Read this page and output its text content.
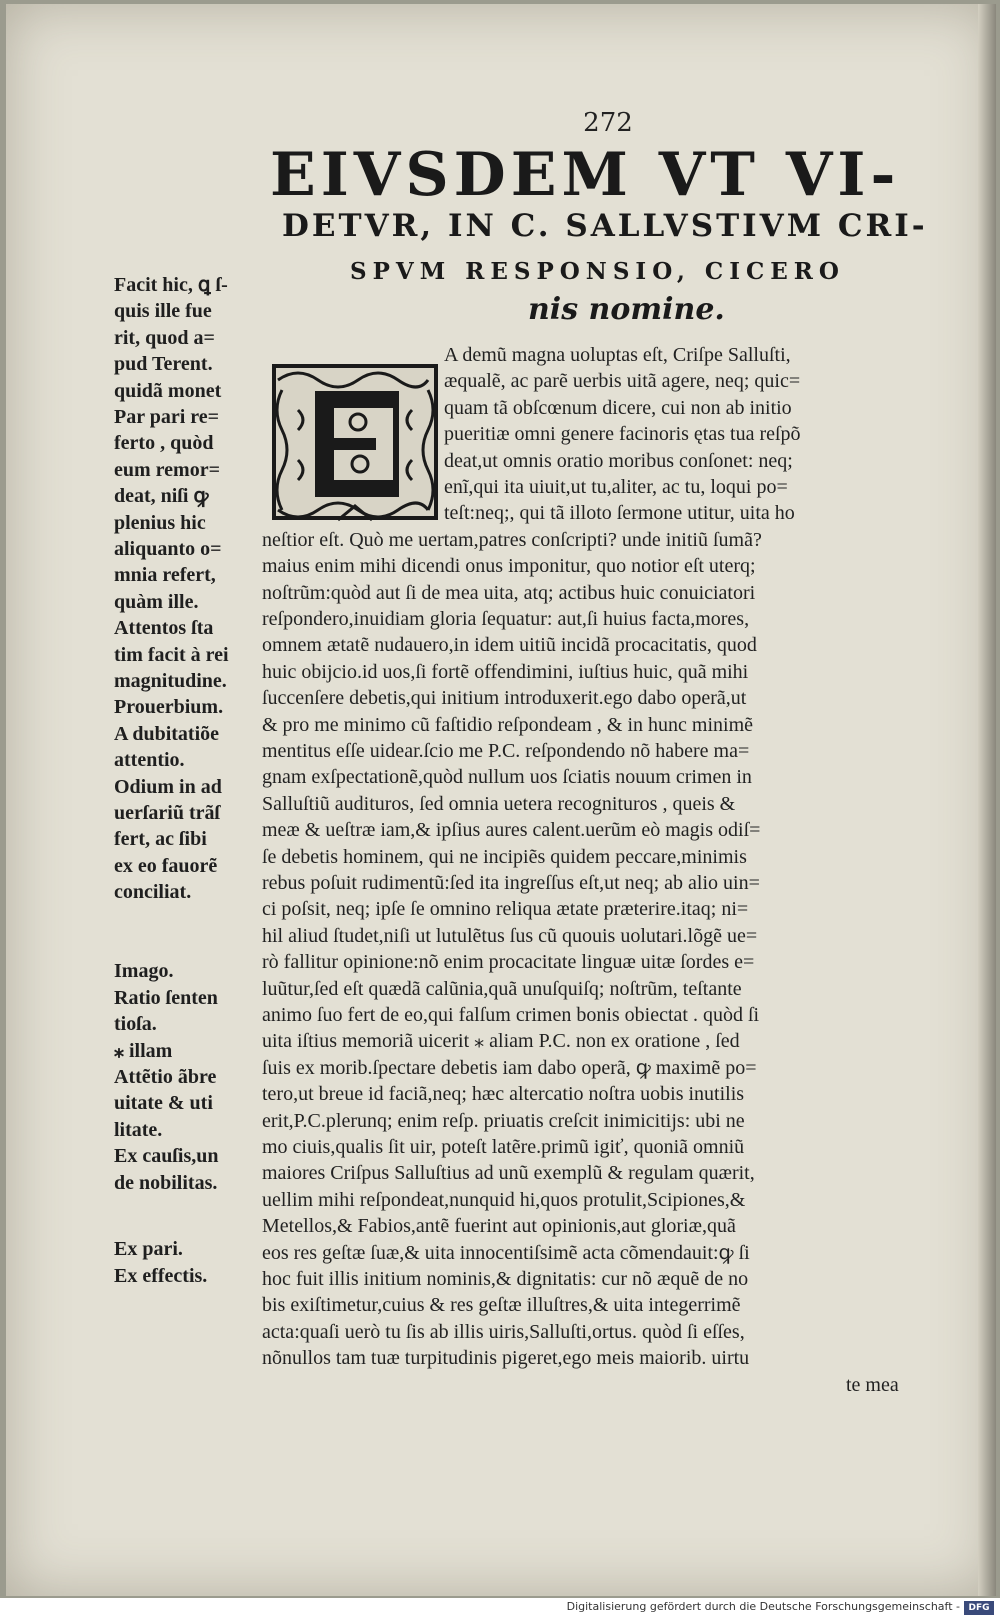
272
EIVSDEM VT VI-
DETVR, IN C. SALLVSTIVM CRI-
SPVM RESPONSIO, CICERO
nis nomine.
A demũ magna uoluptas eſt, Criſpe Salluſti,
æqualẽ, ac parẽ uerbis uitã agere, neq; quic=
quam tã obſcœnum dicere, cui non ab initio
pueritiæ omni genere facinoris ętas tua reſpõ
deat,ut omnis oratio moribus conſonet: neq;
enĩ,qui ita uiuit,ut tu,aliter, ac tu, loqui po=
teſt:neq;, qui tã illoto ſermone utitur, uita ho
neſtior eſt. Quò me uertam,patres conſcripti? unde initiũ ſumã?
maius enim mihi dicendi onus imponitur, quo notior eſt uterq;
noſtrũm:quòd aut ſi de mea uita, atq; actibus huic conuiciatori
reſpondero,inuidiam gloria ſequatur: aut,ſi huius facta,mores,
omnem ætatẽ nudauero,in idem uitiũ incidã procacitatis, quod
huic obijcio.id uos,ſi fortẽ offendimini, iuſtius huic, quã mihi
ſuccenſere debetis,qui initium introduxerit.ego dabo operã,ut
& pro me minimo cũ faſtidio reſpondeam , & in hunc minimẽ
mentitus eſſe uidear.ſcio me P.C. reſpondendo nõ habere ma=
gnam exſpectationẽ,quòd nullum uos ſciatis nouum crimen in
Salluſtiũ audituros, ſed omnia uetera recognituros , queis &
meæ & ueſtræ iam,& ipſius aures calent.uerũm eò magis odiſ=
ſe debetis hominem, qui ne incipiẽs quidem peccare,minimis
rebus poſuit rudimentũ:ſed ita ingreſſus eſt,ut neq; ab alio uin=
ci poſsit, neq; ipſe ſe omnino reliqua ætate præterire.itaq; ni=
hil aliud ſtudet,niſi ut lutulẽtus ſus cũ quouis uolutari.lõgẽ ue=
rò fallitur opinione:nõ enim procacitate linguæ uitæ ſordes e=
luũtur,ſed eſt quædã calũnia,quã unuſquiſq; noſtrũm, teſtante
animo ſuo fert de eo,qui falſum crimen bonis obiectat . quòd ſi
uita iſtius memoriã uicerit ⁎ aliam P.C. non ex oratione , ſed
ſuis ex morib.ſpectare debetis iam dabo operã, ꝙ maximẽ po=
tero,ut breue id faciã,neq; hæc altercatio noſtra uobis inutilis
erit,P.C.plerunq; enim reſp. priuatis creſcit inimicitijs: ubi ne
mo ciuis,qualis ſit uir, poteſt latẽre.primũ igiť, quoniã omniũ
maiores Criſpus Salluſtius ad unũ exemplũ & regulam quærit,
uellim mihi reſpondeat,nunquid hi,quos protulit,Scipiones,&
Metellos,& Fabios,antẽ fuerint aut opinionis,aut gloriæ,quã
eos res geſtæ ſuæ,& uita innocentiſsimẽ acta cõmendauit:ꝙ ſi
hoc fuit illis initium nominis,& dignitatis: cur nõ æquẽ de no
bis exiſtimetur,cuius & res geſtæ illuſtres,& uita integerrimẽ
acta:quaſi uerò tu ſis ab illis uiris,Salluſti,ortus. quòd ſi eſſes,
nõnullos tam tuæ turpitudinis pigeret,ego meis maiorib. uirtu
te mea
Facit hic, ꝗ ſ-
quis ille fue
rit, quod a=
pud Terent.
quidã monet
Par pari re=
ferto , quòd
eum remor=
deat, niſi ꝙ
plenius hic
aliquanto o=
mnia refert,
quàm ille.
Attentos ſta
tim facit à rei
magnitudine.
Prouerbium.
A dubitatiõe
attentio.
Odium in ad
uerſariũ trãſ
fert, ac ſibi
ex eo fauorẽ
conciliat.
Imago.
Ratio ſenten
tioſa.
⁎ illam
Attẽtio ãbre
uitate & uti
litate.
Ex cauſis,un
de nobilitas.
Ex pari.
Ex effectis.
Digitalisierung gefördert durch die Deutsche Forschungsgemeinschaft - DFG
